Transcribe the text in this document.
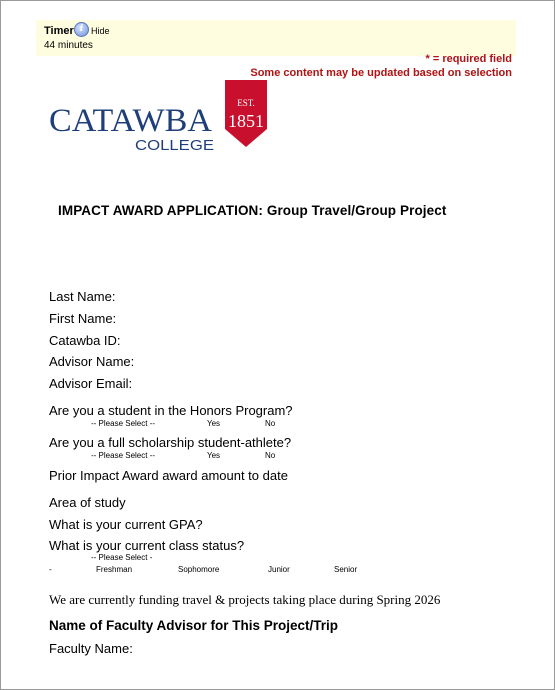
Timer i Hide
44 minutes
* = required field
Some content may be updated based on selection
CATAWBA
COLLEGE
EST.
1851
IMPACT AWARD APPLICATION: Group Travel/Group Project
Last Name:
First Name:
Catawba ID:
Advisor Name:
Advisor Email:
Are you a student in the Honors Program?
-- Please Select --	Yes	No
Are you a full scholarship student-athlete?
-- Please Select --	Yes	No
Prior Impact Award award amount to date
Area of study
What is your current GPA?
What is your current class status?
-- Please Select -
-	Freshman	Sophomore	Junior	Senior
We are currently funding travel & projects taking place during Spring 2026
Name of Faculty Advisor for This Project/Trip
Faculty Name:
